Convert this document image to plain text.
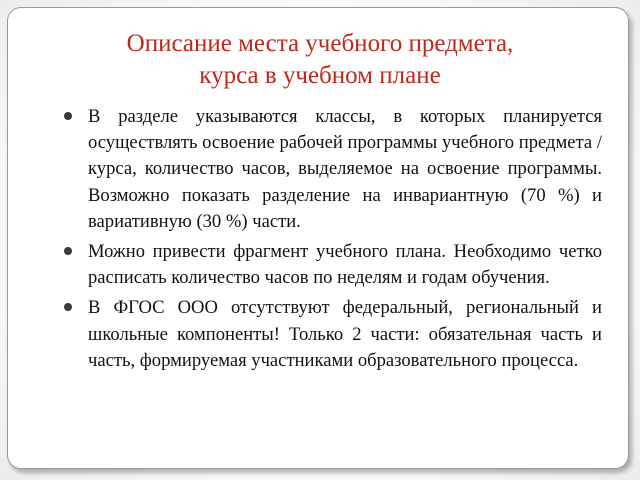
Описание места учебного предмета,
курса в учебном плане
В разделе указываются классы, в которых планируется осуществлять освоение рабочей программы учебного предмета / курса, количество часов, выделяемое на освоение программы. Возможно показать разделение на инвариантную (70 %) и вариативную (30 %) части.
Можно привести фрагмент учебного плана. Необходимо четко расписать количество часов по неделям и годам обучения.
В ФГОС ООО отсутствуют федеральный, региональный и школьные компоненты! Только 2 части: обязательная часть и часть, формируемая участниками образовательного процесса.
